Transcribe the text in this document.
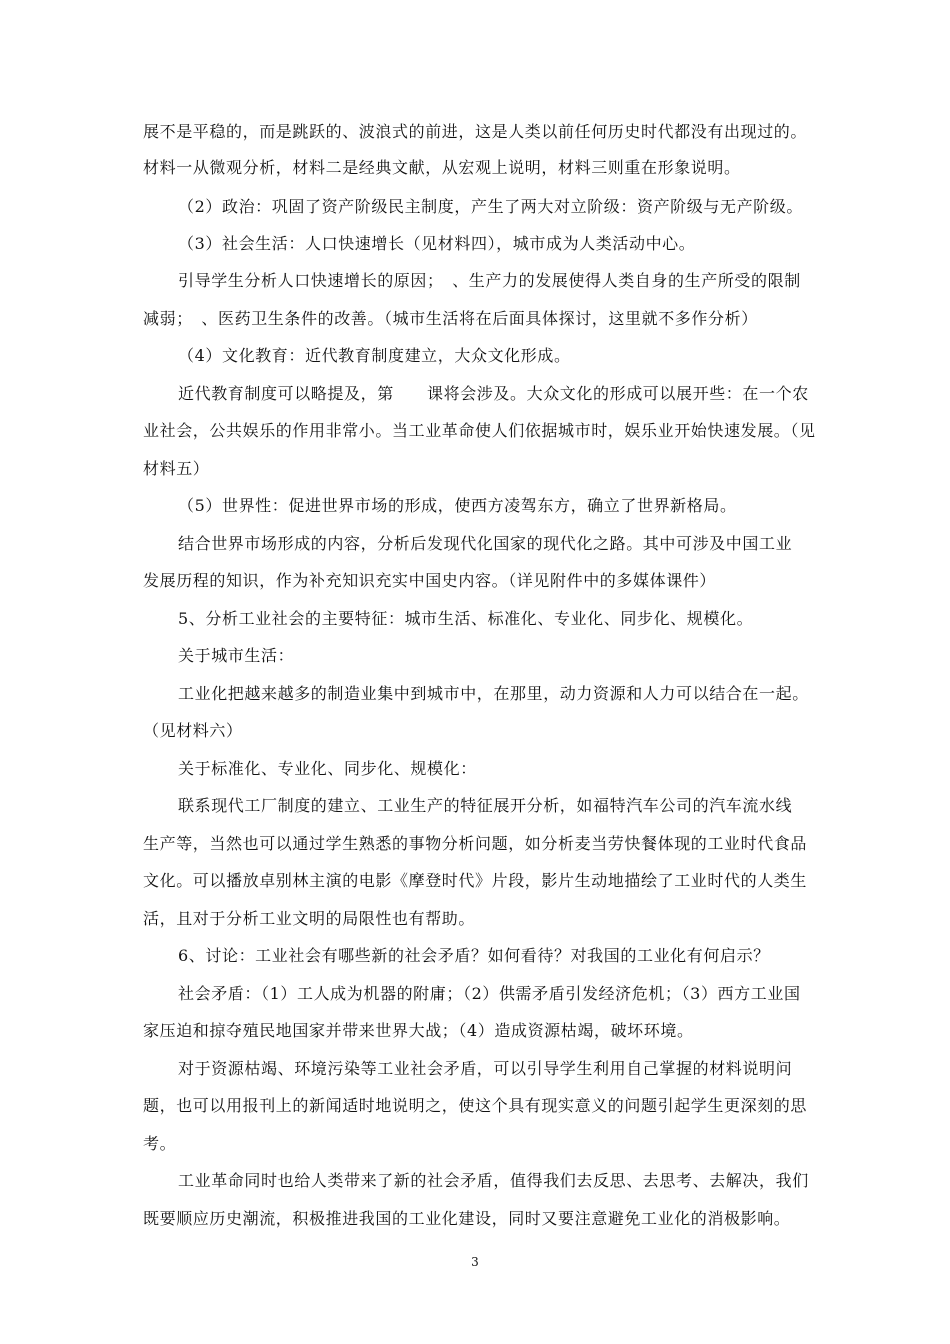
展不是平稳的，而是跳跃的、波浪式的前进，这是人类以前任何历史时代都没有出现过的。
材料一从微观分析，材料二是经典文献，从宏观上说明，材料三则重在形象说明。
（2）政治：巩固了资产阶级民主制度，产生了两大对立阶级：资产阶级与无产阶级。
（3）社会生活：人口快速增长（见材料四），城市成为人类活动中心。
引导学生分析人口快速增长的原因；　、生产力的发展使得人类自身的生产所受的限制
减弱；　、医药卫生条件的改善。（城市生活将在后面具体探讨，这里就不多作分析）
（4）文化教育：近代教育制度建立，大众文化形成。
近代教育制度可以略提及，第　　课将会涉及。大众文化的形成可以展开些：在一个农
业社会，公共娱乐的作用非常小。当工业革命使人们依据城市时，娱乐业开始快速发展。（见
材料五）
（5）世界性：促进世界市场的形成，使西方凌驾东方，确立了世界新格局。
结合世界市场形成的内容，分析后发现代化国家的现代化之路。其中可涉及中国工业
发展历程的知识，作为补充知识充实中国史内容。（详见附件中的多媒体课件）
5、分析工业社会的主要特征：城市生活、标准化、专业化、同步化、规模化。
关于城市生活：
工业化把越来越多的制造业集中到城市中，在那里，动力资源和人力可以结合在一起。
（见材料六）
关于标准化、专业化、同步化、规模化：
联系现代工厂制度的建立、工业生产的特征展开分析，如福特汽车公司的汽车流水线
生产等，当然也可以通过学生熟悉的事物分析问题，如分析麦当劳快餐体现的工业时代食品
文化。可以播放卓别林主演的电影《摩登时代》片段，影片生动地描绘了工业时代的人类生
活，且对于分析工业文明的局限性也有帮助。
6、讨论：工业社会有哪些新的社会矛盾？如何看待？对我国的工业化有何启示？
社会矛盾：（1）工人成为机器的附庸；（2）供需矛盾引发经济危机；（3）西方工业国
家压迫和掠夺殖民地国家并带来世界大战；（4）造成资源枯竭，破坏环境。
对于资源枯竭、环境污染等工业社会矛盾，可以引导学生利用自己掌握的材料说明问
题，也可以用报刊上的新闻适时地说明之，使这个具有现实意义的问题引起学生更深刻的思
考。
工业革命同时也给人类带来了新的社会矛盾，值得我们去反思、去思考、去解决，我们
既要顺应历史潮流，积极推进我国的工业化建设，同时又要注意避免工业化的消极影响。
3
